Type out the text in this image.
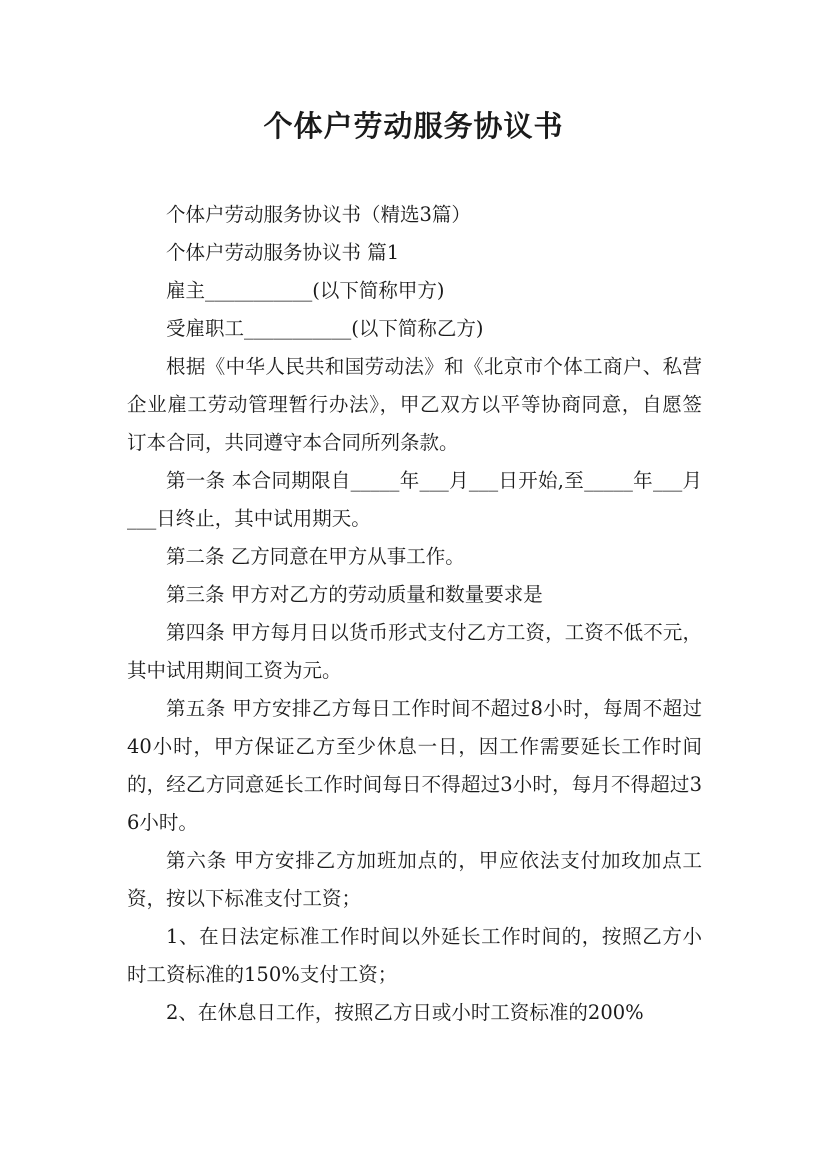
个体户劳动服务协议书

个体户劳动服务协议书（精选3篇）

个体户劳动服务协议书 篇1

雇主___________(以下简称甲方)

受雇职工___________(以下简称乙方)

根据《中华人民共和国劳动法》和《北京市个体工商户、私营企业雇工劳动管理暂行办法》，甲乙双方以平等协商同意，自愿签订本合同，共同遵守本合同所列条款。

第一条 本合同期限自_____年___月___日开始,至_____年___月___日终止，其中试用期天。

第二条 乙方同意在甲方从事工作。

第三条 甲方对乙方的劳动质量和数量要求是

第四条 甲方每月日以货币形式支付乙方工资，工资不低不元，其中试用期间工资为元。

第五条 甲方安排乙方每日工作时间不超过8小时，每周不超过40小时，甲方保证乙方至少休息一日，因工作需要延长工作时间的，经乙方同意延长工作时间每日不得超过3小时，每月不得超过36小时。

第六条 甲方安排乙方加班加点的，甲应依法支付加玫加点工资，按以下标准支付工资；

1、在日法定标准工作时间以外延长工作时间的，按照乙方小时工资标准的150%支付工资；

2、在休息日工作，按照乙方日或小时工资标准的200%
